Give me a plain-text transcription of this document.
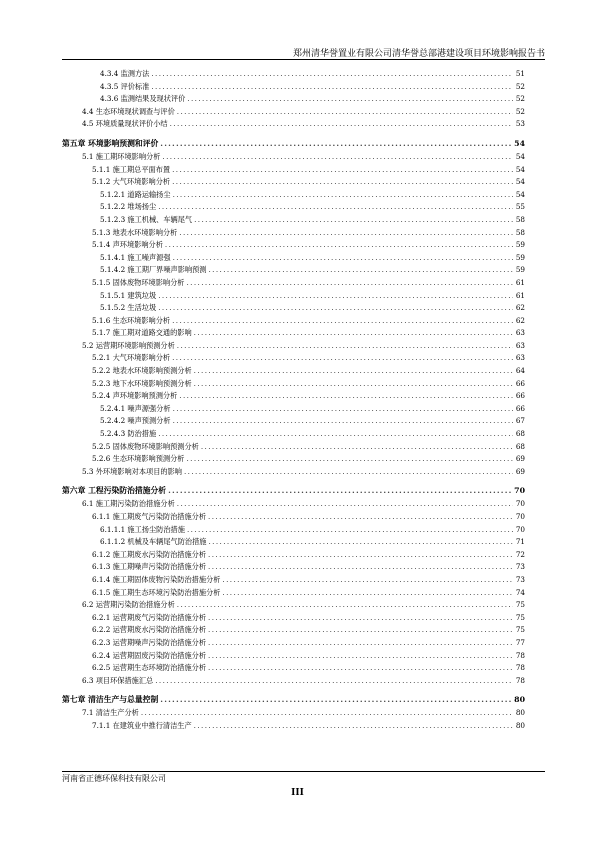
郑州清华誉置业有限公司清华誉总部港建设项目环境影响报告书
4.3.4 监测方法 .....	51
4.3.5 评价标准 .....	52
4.3.6 监测结果及现状评价 .....	52
4.4 生态环境现状调查与评价 .....	52
4.5 环境质量现状评价小结 .....	53
第五章 环境影响预测和评价 .....	54
5.1 施工期环境影响分析 .....	54
5.1.1 施工期总平面布置 .....	54
5.1.2 大气环境影响分析 .....	54
5.1.2.1 道路运输扬尘 .....	54
5.1.2.2 堆场扬尘 .....	55
5.1.2.3 施工机械、车辆尾气 .....	58
5.1.3 地表水环境影响分析 .....	58
5.1.4 声环境影响分析 .....	59
5.1.4.1 施工噪声源强 .....	59
5.1.4.2 施工期厂界噪声影响预测 .....	59
5.1.5 固体废物环境影响分析 .....	61
5.1.5.1 建筑垃圾 .....	61
5.1.5.2 生活垃圾 .....	62
5.1.6 生态环境影响分析 .....	62
5.1.7 施工期对道路交通的影响 .....	63
5.2 运营期环境影响预测分析 .....	63
5.2.1 大气环境影响分析 .....	63
5.2.2 地表水环境影响预测分析 .....	64
5.2.3 地下水环境影响预测分析 .....	66
5.2.4 声环境影响预测分析 .....	66
5.2.4.1 噪声源强分析 .....	66
5.2.4.2 噪声预测分析 .....	67
5.2.4.3 防治措施 .....	68
5.2.5 固体废物环境影响预测分析 .....	68
5.2.6 生态环境影响预测分析 .....	69
5.3 外环境影响对本项目的影响 .....	69
第六章 工程污染防治措施分析 .....	70
6.1 施工期污染防治措施分析 .....	70
6.1.1 施工期废气污染防治措施分析 .....	70
6.1.1.1 施工扬尘防治措施 .....	70
6.1.1.2 机械及车辆尾气防治措施 .....	71
6.1.2 施工期废水污染防治措施分析 .....	72
6.1.3 施工期噪声污染防治措施分析 .....	73
6.1.4 施工期固体废物污染防治措施分析 .....	73
6.1.5 施工期生态环境污染防治措施分析 .....	74
6.2 运营期污染防治措施分析 .....	75
6.2.1 运营期废气污染防治措施分析 .....	75
6.2.2 运营期废水污染防治措施分析 .....	75
6.2.3 运营期噪声污染防治措施分析 .....	77
6.2.4 运营期固废污染防治措施分析 .....	78
6.2.5 运营期生态环境防治措施分析 .....	78
6.3 项目环保措施汇总 .....	78
第七章 清洁生产与总量控制 .....	80
7.1 清洁生产分析 .....	80
7.1.1 在建筑业中推行清洁生产 .....	80
河南省正德环保科技有限公司
III
